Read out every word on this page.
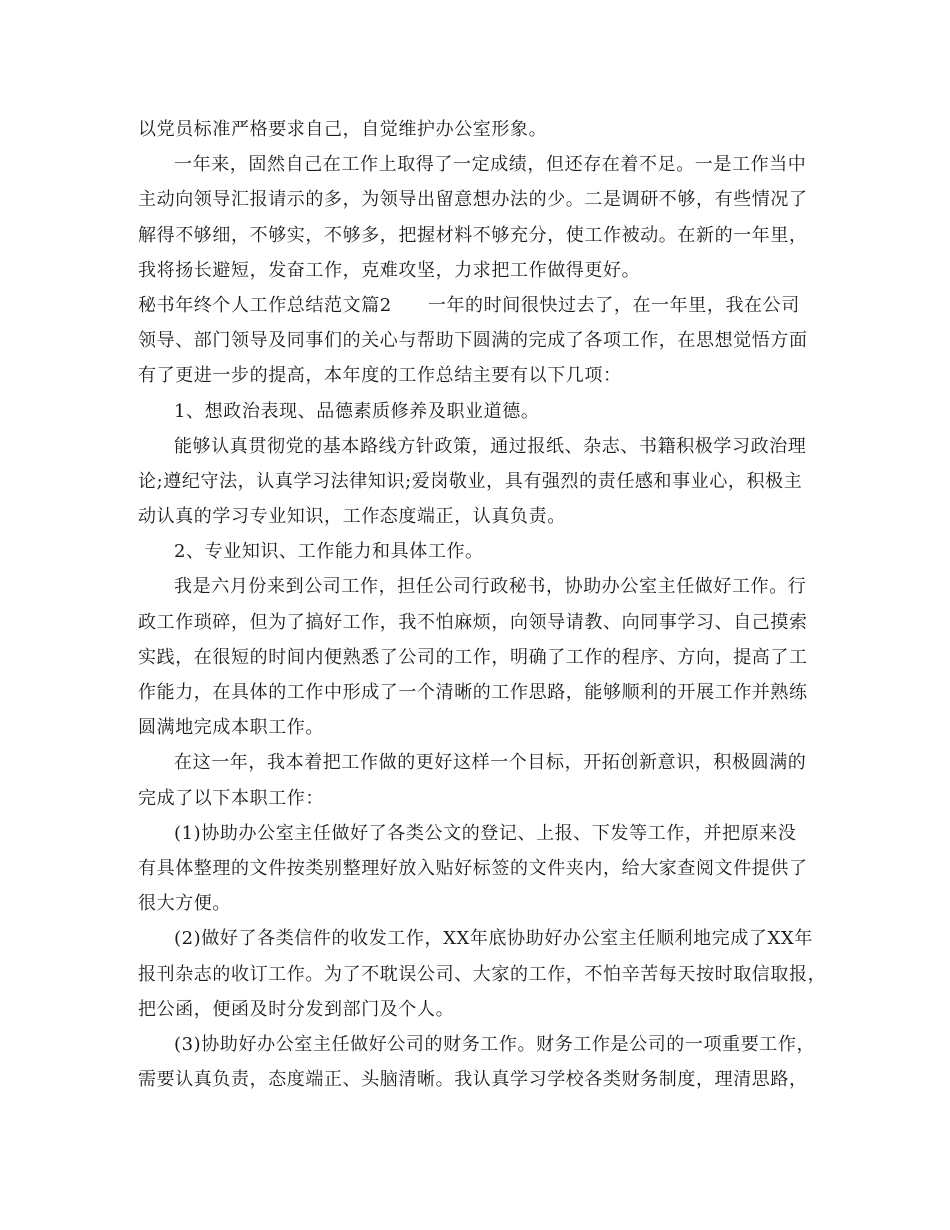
以党员标准严格要求自己，自觉维护办公室形象。
一年来，固然自己在工作上取得了一定成绩，但还存在着不足。一是工作当中
主动向领导汇报请示的多，为领导出留意想办法的少。二是调研不够，有些情况了
解得不够细，不够实，不够多，把握材料不够充分，使工作被动。在新的一年里，
我将扬长避短，发奋工作，克难攻坚，力求把工作做得更好。
秘书年终个人工作总结范文篇2 一年的时间很快过去了，在一年里，我在公司
领导、部门领导及同事们的关心与帮助下圆满的完成了各项工作，在思想觉悟方面
有了更进一步的提高，本年度的工作总结主要有以下几项：
1、想政治表现、品德素质修养及职业道德。
能够认真贯彻党的基本路线方针政策，通过报纸、杂志、书籍积极学习政治理
论;遵纪守法，认真学习法律知识;爱岗敬业，具有强烈的责任感和事业心，积极主
动认真的学习专业知识，工作态度端正，认真负责。
2、专业知识、工作能力和具体工作。
我是六月份来到公司工作，担任公司行政秘书，协助办公室主任做好工作。行
政工作琐碎，但为了搞好工作，我不怕麻烦，向领导请教、向同事学习、自己摸索
实践，在很短的时间内便熟悉了公司的工作，明确了工作的程序、方向，提高了工
作能力，在具体的工作中形成了一个清晰的工作思路，能够顺利的开展工作并熟练
圆满地完成本职工作。
在这一年，我本着把工作做的更好这样一个目标，开拓创新意识，积极圆满的
完成了以下本职工作：
(1)协助办公室主任做好了各类公文的登记、上报、下发等工作，并把原来没
有具体整理的文件按类别整理好放入贴好标签的文件夹内，给大家查阅文件提供了
很大方便。
(2)做好了各类信件的收发工作，XX年底协助好办公室主任顺利地完成了XX年
报刊杂志的收订工作。为了不耽误公司、大家的工作，不怕辛苦每天按时取信取报，
把公函，便函及时分发到部门及个人。
(3)协助好办公室主任做好公司的财务工作。财务工作是公司的一项重要工作，
需要认真负责，态度端正、头脑清晰。我认真学习学校各类财务制度，理清思路，
